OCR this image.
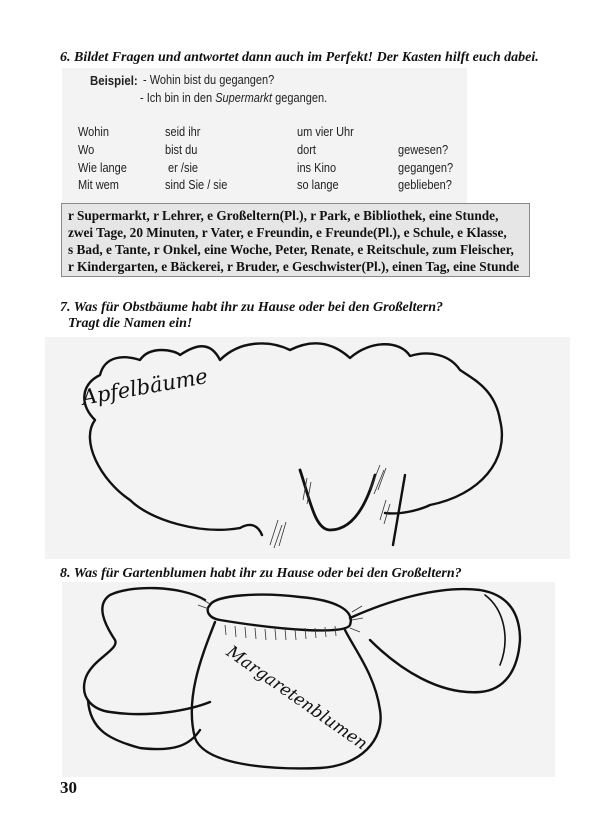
6. Bildet Fragen und antwortet dann auch im Perfekt! Der Kasten hilft euch dabei.
Beispiel: - Wohin bist du gegangen?
- Ich bin in den Supermarkt gegangen.
Wohin
Wo
Wie lange
Mit wem
seid ihr
bist du
er /sie
sind Sie / sie
um vier Uhr
dort
ins Kino
so lange
gewesen?
gegangen?
geblieben?
r Supermarkt, r Lehrer, e Großeltern(Pl.), r Park, e Bibliothek, eine Stunde,
zwei Tage, 20 Minuten, r Vater, e Freundin, e Freunde(Pl.), e Schule, e Klasse,
s Bad, e Tante, r Onkel, eine Woche, Peter, Renate, e Reitschule, zum Fleischer,
r Kindergarten, e Bäckerei, r Bruder, e Geschwister(Pl.), einen Tag, eine Stunde
7. Was für Obstbäume habt ihr zu Hause oder bei den Großeltern?
Tragt die Namen ein!
Apfelbäume
8. Was für Gartenblumen habt ihr zu Hause oder bei den Großeltern?
Margaretenblumen
30
